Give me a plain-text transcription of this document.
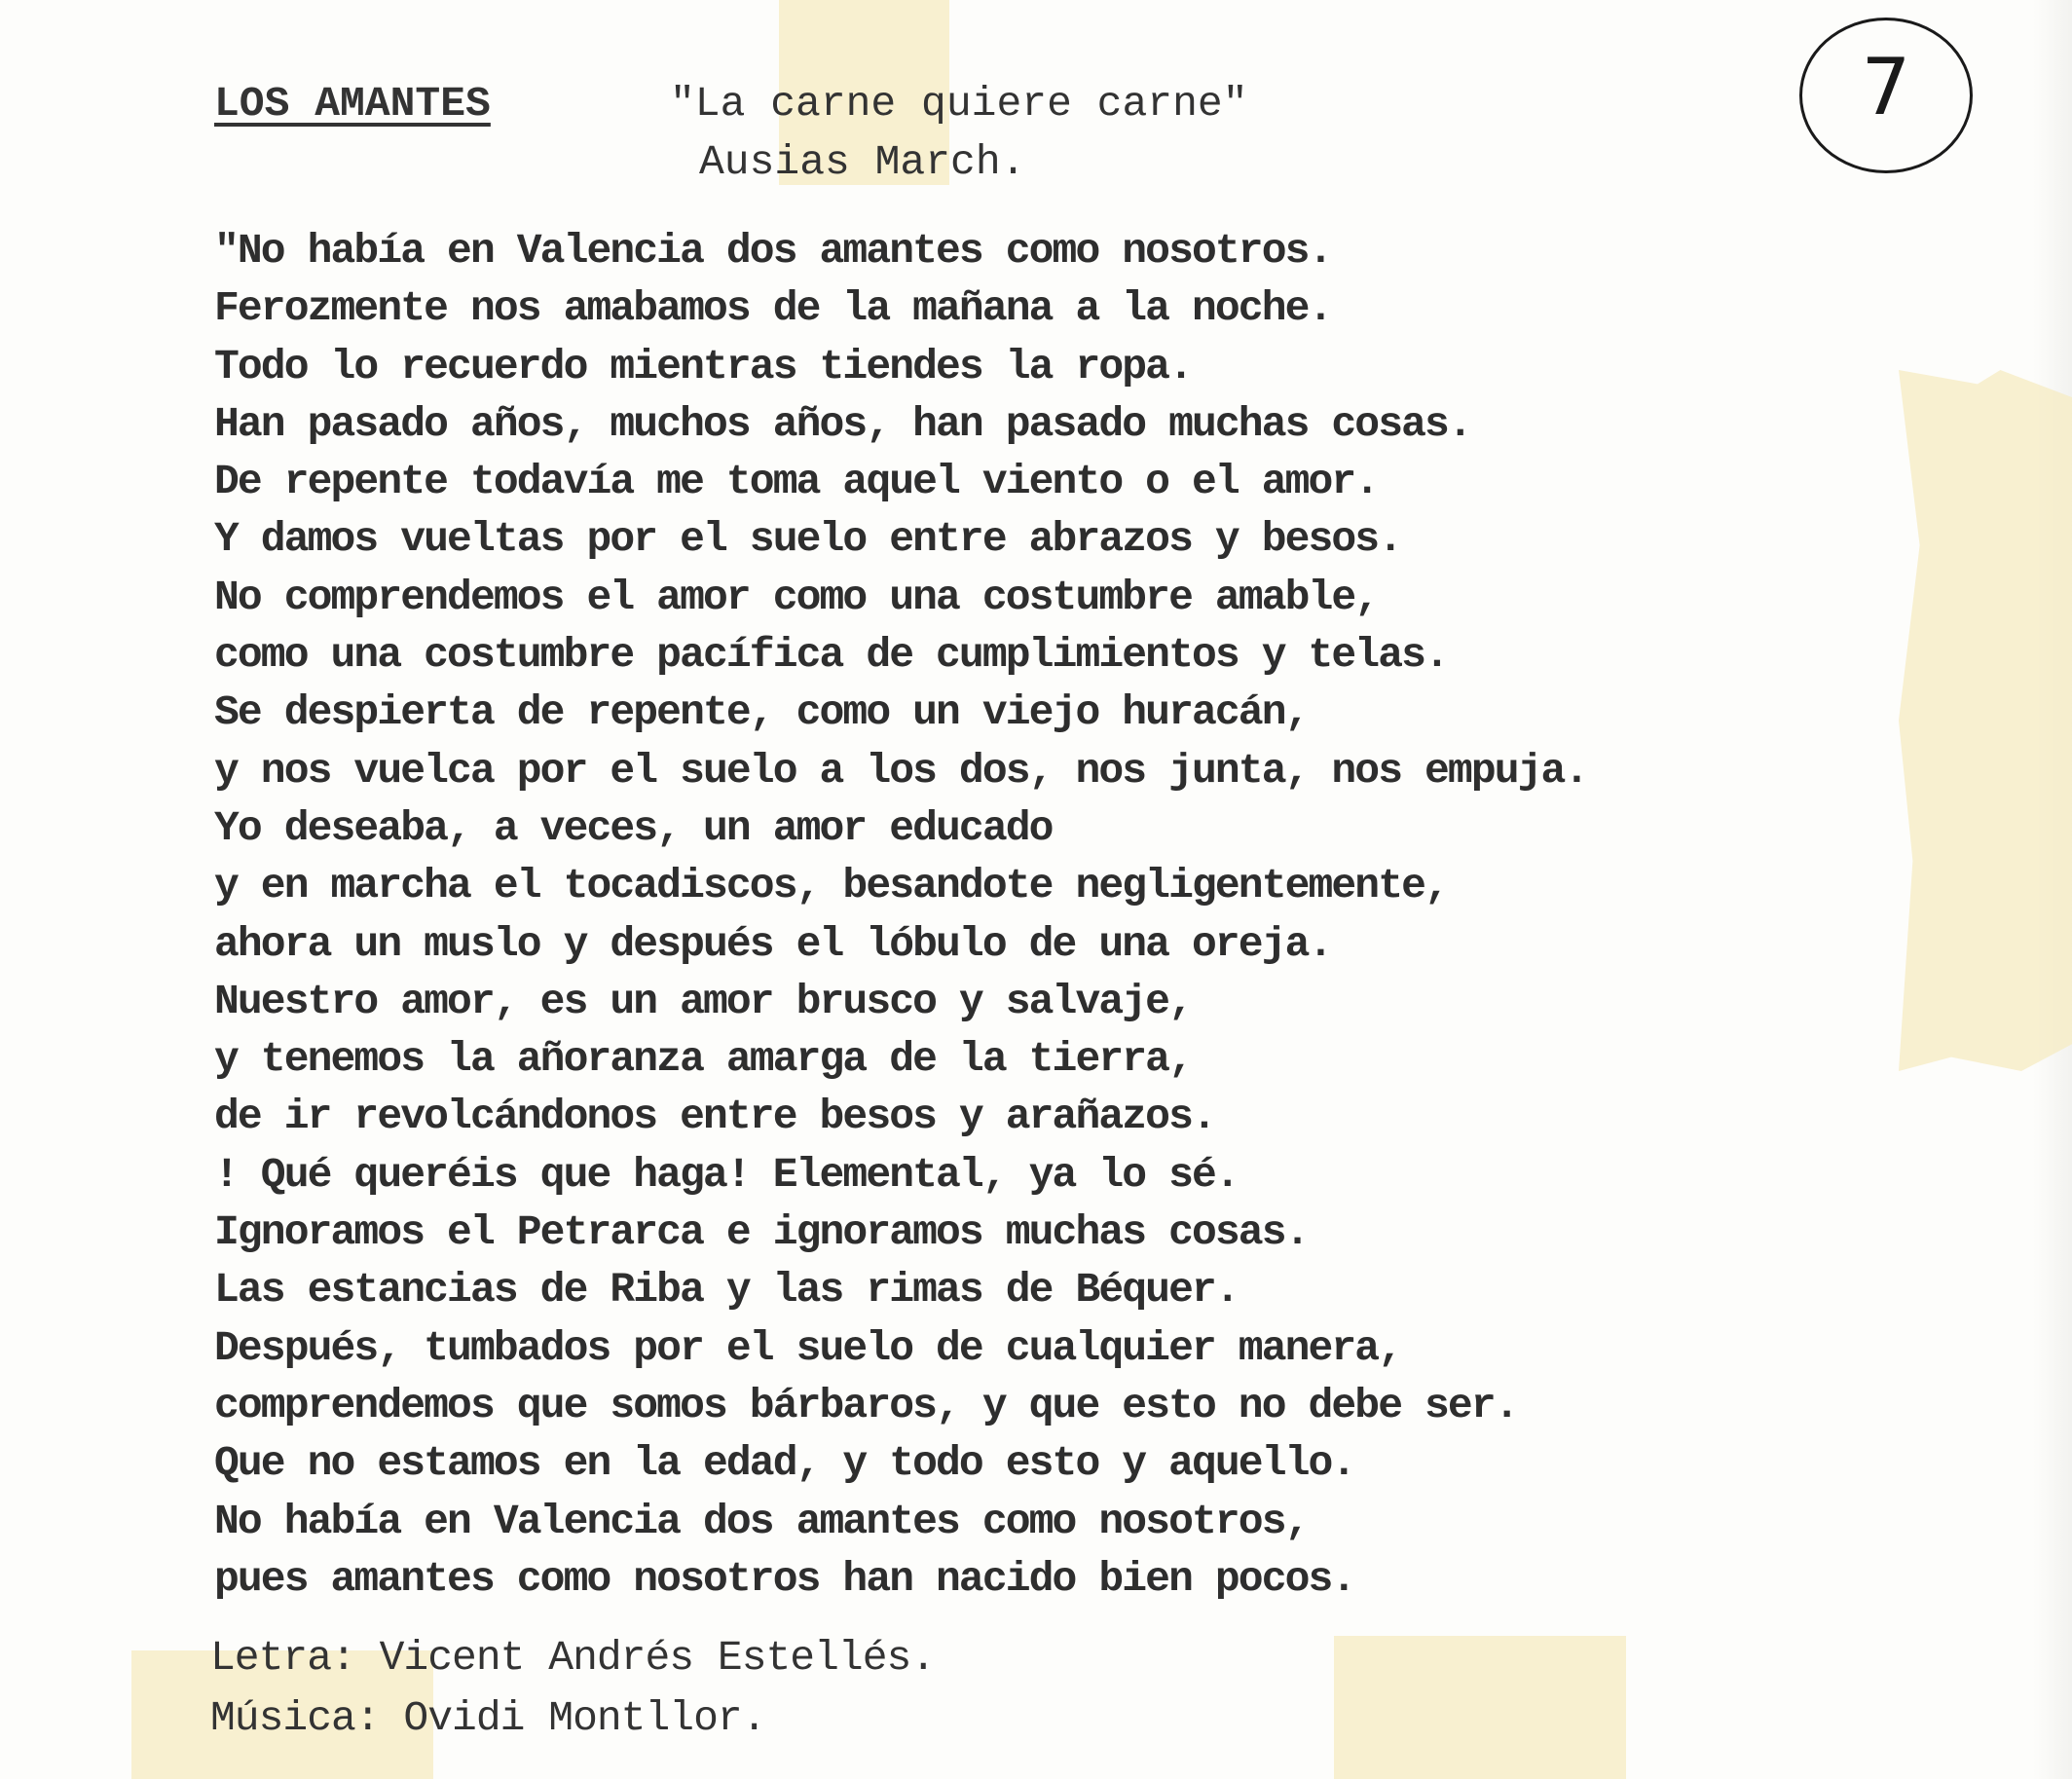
LOS AMANTES	"La carne quiere carne"
Ausias March.
7
"No había en Valencia dos amantes como nosotros.
Ferozmente nos amabamos de la mañana a la noche.
Todo lo recuerdo mientras tiendes la ropa.
Han pasado años, muchos años, han pasado muchas cosas.
De repente todavía me toma aquel viento o el amor.
Y damos vueltas por el suelo entre abrazos y besos.
No comprendemos el amor como una costumbre amable,
como una costumbre pacífica de cumplimientos y telas.
Se despierta de repente, como un viejo huracán,
y nos vuelca por el suelo a los dos, nos junta, nos empuja.
Yo deseaba, a veces, un amor educado
y en marcha el tocadiscos, besandote negligentemente,
ahora un muslo y después el lóbulo de una oreja.
Nuestro amor, es un amor brusco y salvaje,
y tenemos la añoranza amarga de la tierra,
de ir revolcándonos entre besos y arañazos.
! Qué queréis que haga! Elemental, ya lo sé.
Ignoramos el Petrarca e ignoramos muchas cosas.
Las estancias de Riba y las rimas de Béquer.
Después, tumbados por el suelo de cualquier manera,
comprendemos que somos bárbaros, y que esto no debe ser.
Que no estamos en la edad, y todo esto y aquello.
No había en Valencia dos amantes como nosotros,
pues amantes como nosotros han nacido bien pocos.
Letra: Vicent Andrés Estellés.
Música: Ovidi Montllor.
